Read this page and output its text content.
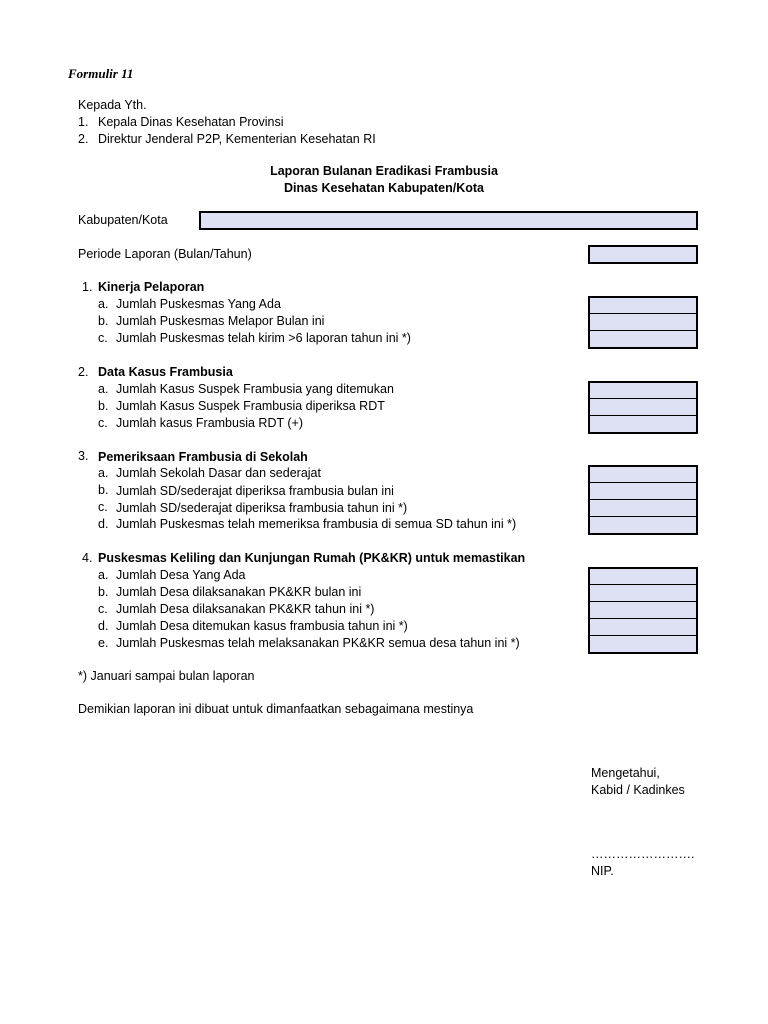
Formulir 11
Kepada Yth.
1. Kepala Dinas Kesehatan Provinsi
2. Direktur Jenderal P2P, Kementerian Kesehatan RI
Laporan Bulanan Eradikasi Frambusia
Dinas Kesehatan Kabupaten/Kota
Kabupaten/Kota
Periode Laporan (Bulan/Tahun)
1. Kinerja Pelaporan
a. Jumlah Puskesmas Yang Ada
b. Jumlah Puskesmas Melapor Bulan ini
c. Jumlah Puskesmas telah kirim >6 laporan tahun ini *)
2. Data Kasus Frambusia
a. Jumlah Kasus Suspek Frambusia yang ditemukan
b. Jumlah Kasus Suspek Frambusia diperiksa RDT
c. Jumlah kasus Frambusia RDT (+)
3. Pemeriksaan Frambusia di Sekolah
a. Jumlah Sekolah Dasar dan sederajat
b. Jumlah SD/sederajat diperiksa frambusia bulan ini
c. Jumlah SD/sederajat diperiksa frambusia tahun ini *)
d. Jumlah Puskesmas telah memeriksa frambusia di semua SD tahun ini *)
4. Puskesmas Keliling dan Kunjungan Rumah (PK&KR) untuk memastikan
a. Jumlah Desa Yang Ada
b. Jumlah Desa dilaksanakan PK&KR bulan ini
c. Jumlah Desa dilaksanakan PK&KR tahun ini *)
d. Jumlah Desa ditemukan kasus frambusia tahun ini *)
e. Jumlah Puskesmas telah melaksanakan PK&KR semua desa tahun ini *)
*) Januari sampai bulan laporan
Demikian laporan ini dibuat untuk dimanfaatkan sebagaimana mestinya
Mengetahui,
Kabid / Kadinkes
…………………….
NIP.
